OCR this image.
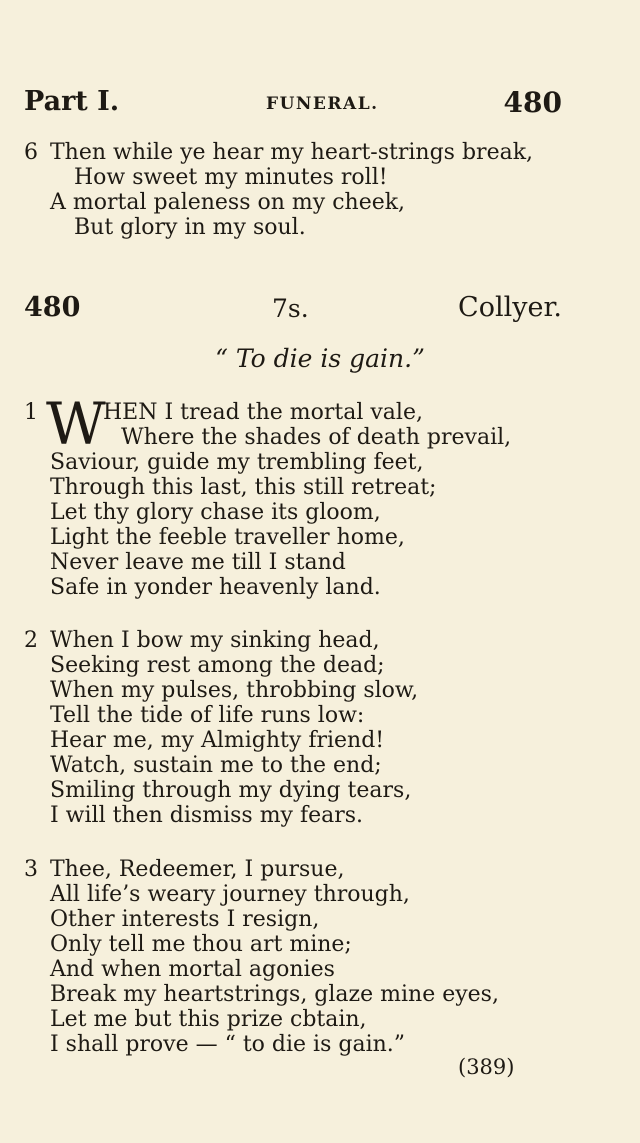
Part I.	FUNERAL.	480
6 Then while ye hear my heart-strings break,
How sweet my minutes roll!
A mortal paleness on my cheek,
But glory in my soul.
480	7s.	Collyer.
“ To die is gain.”
1 W
HEN I tread the mortal vale,
Where the shades of death prevail,
Saviour, guide my trembling feet,
Through this last, this still retreat;
Let thy glory chase its gloom,
Light the feeble traveller home,
Never leave me till I stand
Safe in yonder heavenly land.
2 When I bow my sinking head,
Seeking rest among the dead;
When my pulses, throbbing slow,
Tell the tide of life runs low:
Hear me, my Almighty friend!
Watch, sustain me to the end;
Smiling through my dying tears,
I will then dismiss my fears.
3 Thee, Redeemer, I pursue,
All life’s weary journey through,
Other interests I resign,
Only tell me thou art mine;
And when mortal agonies
Break my heartstrings, glaze mine eyes,
Let me but this prize cbtain,
I shall prove — “ to die is gain.”
(389)
